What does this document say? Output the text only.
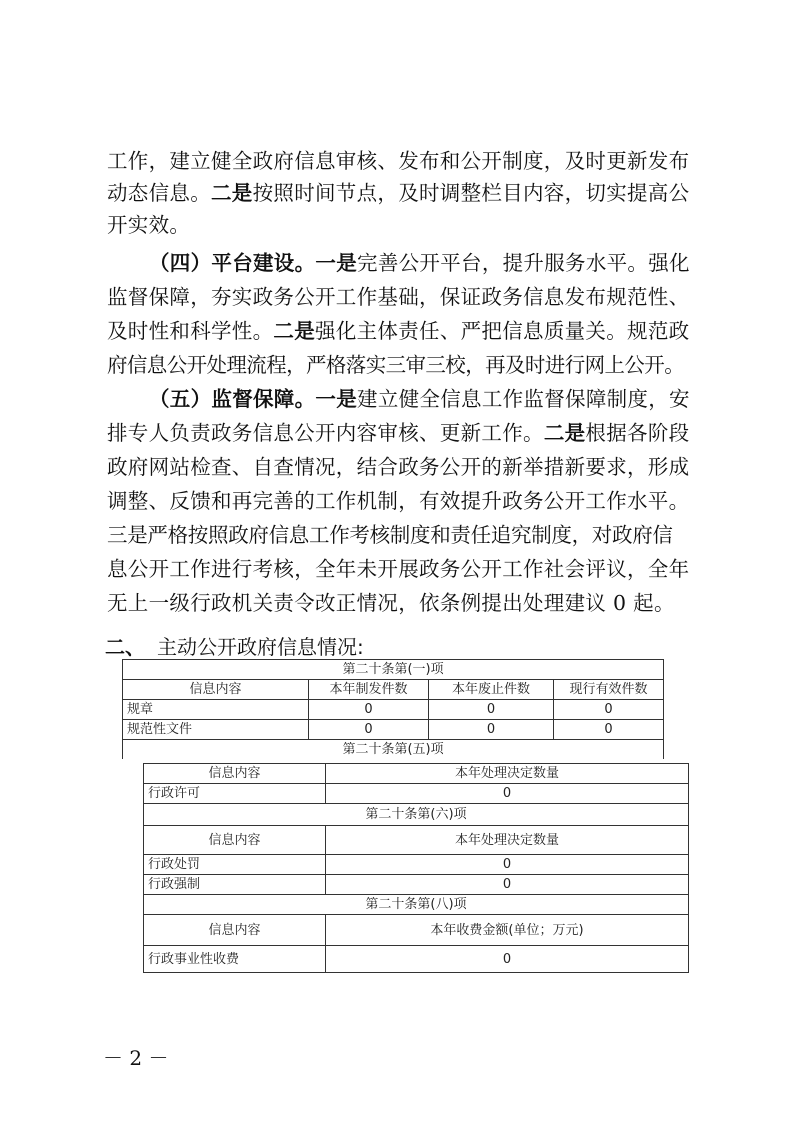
工作，建立健全政府信息审核、发布和公开制度，及时更新发布
动态信息。二是按照时间节点，及时调整栏目内容，切实提高公
开实效。
（四）平台建设。一是完善公开平台，提升服务水平。强化
监督保障，夯实政务公开工作基础，保证政务信息发布规范性、
及时性和科学性。二是强化主体责任、严把信息质量关。规范政
府信息公开处理流程，严格落实三审三校，再及时进行网上公开。
（五）监督保障。一是建立健全信息工作监督保障制度，安
排专人负责政务信息公开内容审核、更新工作。二是根据各阶段
政府网站检查、自查情况，结合政务公开的新举措新要求，形成
调整、反馈和再完善的工作机制，有效提升政务公开工作水平。
三是严格按照政府信息工作考核制度和责任追究制度，对政府信
息公开工作进行考核，全年未开展政务公开工作社会评议，全年
无上一级行政机关责令改正情况，依条例提出处理建议 0 起。
二、 主动公开政府信息情况:
第二十条第(一)项			
信息内容	本年制发件数	本年废止件数	现行有效件数
规章	0	0	0
规范性文件	0	0	0
第二十条第(五)项			
信息内容	本年处理决定数量
行政许可	0
第二十条第(六)项	
信息内容	本年处理决定数量
行政处罚	0
行政强制	0
第二十条第(八)项	
信息内容	本年收费金额(单位；万元)
行政事业性收费	0
－ 2 －
